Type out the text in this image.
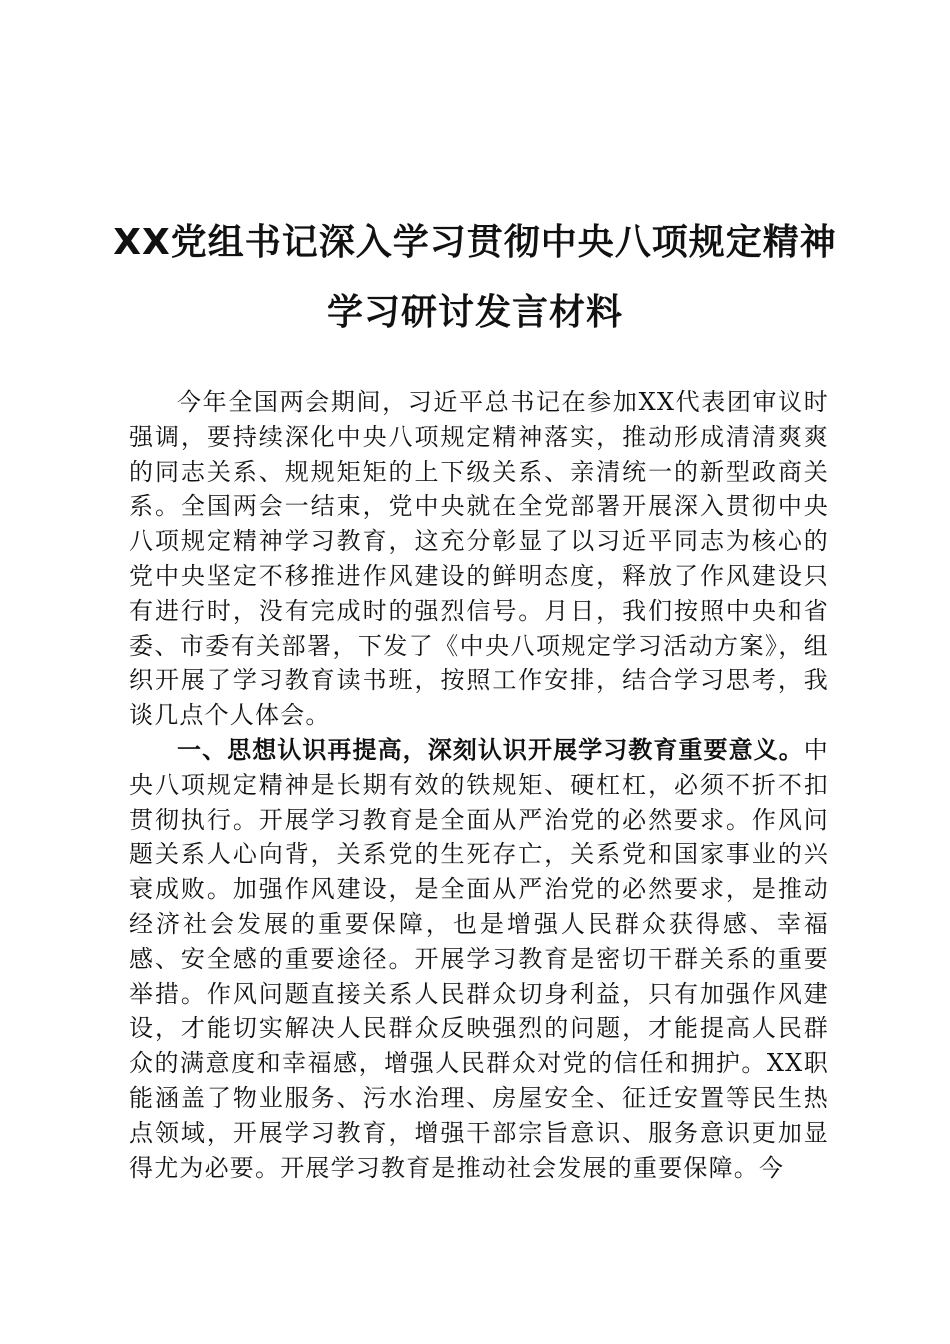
XX党组书记深入学习贯彻中央八项规定精神
学习研讨发言材料

今年全国两会期间，习近平总书记在参加XX代表团审议时强调，要持续深化中央八项规定精神落实，推动形成清清爽爽的同志关系、规规矩矩的上下级关系、亲清统一的新型政商关系。全国两会一结束，党中央就在全党部署开展深入贯彻中央八项规定精神学习教育，这充分彰显了以习近平同志为核心的党中央坚定不移推进作风建设的鲜明态度，释放了作风建设只有进行时，没有完成时的强烈信号。月日，我们按照中央和省委、市委有关部署，下发了《中央八项规定学习活动方案》，组织开展了学习教育读书班，按照工作安排，结合学习思考，我谈几点个人体会。

一、思想认识再提高，深刻认识开展学习教育重要意义。中央八项规定精神是长期有效的铁规矩、硬杠杠，必须不折不扣贯彻执行。开展学习教育是全面从严治党的必然要求。作风问题关系人心向背，关系党的生死存亡，关系党和国家事业的兴衰成败。加强作风建设，是全面从严治党的必然要求，是推动经济社会发展的重要保障，也是增强人民群众获得感、幸福感、安全感的重要途径。开展学习教育是密切干群关系的重要举措。作风问题直接关系人民群众切身利益，只有加强作风建设，才能切实解决人民群众反映强烈的问题，才能提高人民群众的满意度和幸福感，增强人民群众对党的信任和拥护。XX职能涵盖了物业服务、污水治理、房屋安全、征迁安置等民生热点领域，开展学习教育，增强干部宗旨意识、服务意识更加显得尤为必要。开展学习教育是推动社会发展的重要保障。今
